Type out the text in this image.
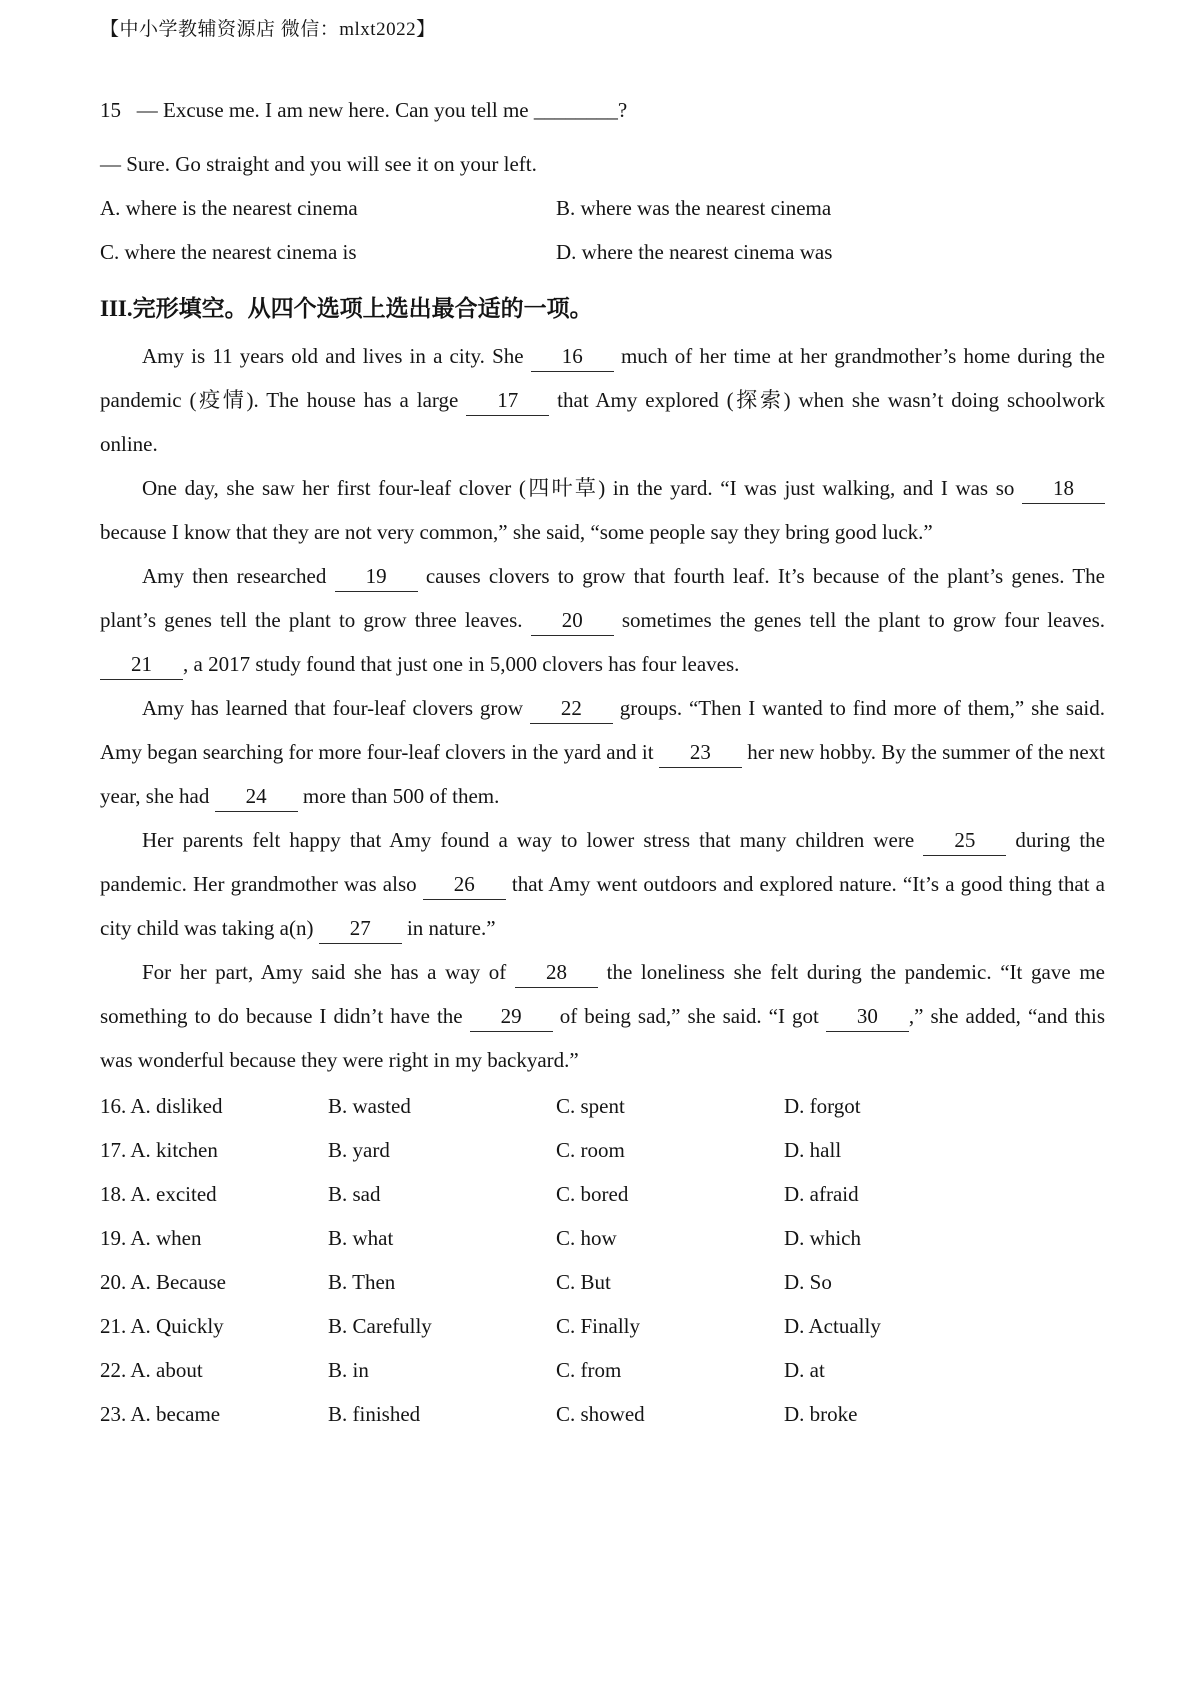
【中小学教辅资源店 微信：mlxt2022】
15   — Excuse me. I am new here. Can you tell me ________?
— Sure. Go straight and you will see it on your left.
A. where is the nearest cinema	B. where was the nearest cinema
C. where the nearest cinema is	D. where the nearest cinema was
III.完形填空。从四个选项上选出最合适的一项。
Amy is 11 years old and lives in a city. She 16 much of her time at her grandmother’s home during the pandemic (疫情). The house has a large 17 that Amy explored (探索) when she wasn’t doing schoolwork online.
One day, she saw her first four-leaf clover (四叶草) in the yard. “I was just walking, and I was so 18 because I know that they are not very common,” she said, “some people say they bring good luck.”
Amy then researched 19 causes clovers to grow that fourth leaf. It’s because of the plant’s genes. The plant’s genes tell the plant to grow three leaves. 20 sometimes the genes tell the plant to grow four leaves. 21 , a 2017 study found that just one in 5,000 clovers has four leaves.
Amy has learned that four-leaf clovers grow 22 groups. “Then I wanted to find more of them,” she said. Amy began searching for more four-leaf clovers in the yard and it 23 her new hobby. By the summer of the next year, she had 24 more than 500 of them.
Her parents felt happy that Amy found a way to lower stress that many children were 25 during the pandemic. Her grandmother was also 26 that Amy went outdoors and explored nature. “It’s a good thing that a city child was taking a(n) 27 in nature.”
For her part, Amy said she has a way of 28 the loneliness she felt during the pandemic. “It gave me something to do because I didn’t have the 29 of being sad,” she said. “I got 30 ,” she added, “and this was wonderful because they were right in my backyard.”
16. A. disliked	B. wasted	C. spent	D. forgot
17. A. kitchen	B. yard	C. room	D. hall
18. A. excited	B. sad	C. bored	D. afraid
19. A. when	B. what	C. how	D. which
20. A. Because	B. Then	C. But	D. So
21. A. Quickly	B. Carefully	C. Finally	D. Actually
22. A. about	B. in	C. from	D. at
23. A. became	B. finished	C. showed	D. broke
